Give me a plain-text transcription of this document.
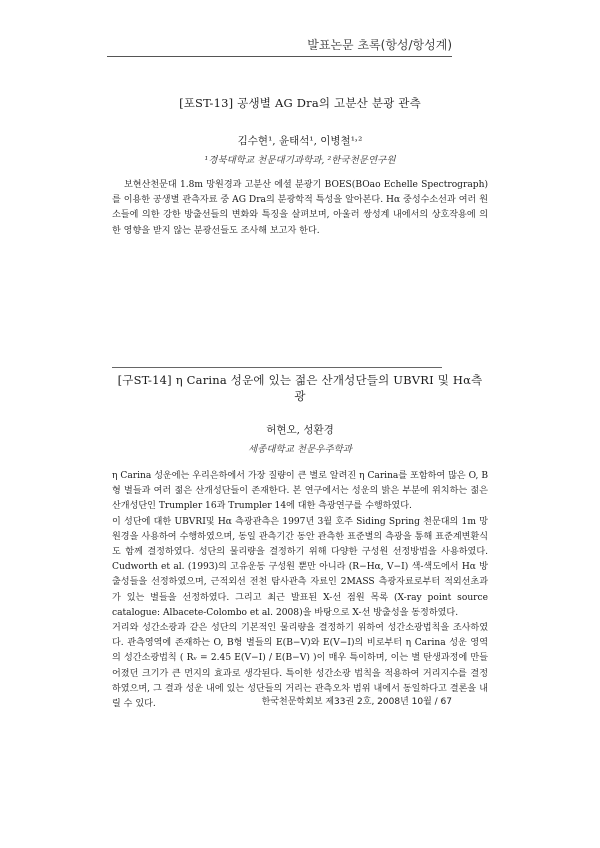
발표논문 초록(항성/항성계)
[포ST-13] 공생별 AG Dra의 고분산 분광 관측
김수현¹, 윤태석¹, 이병철¹˒²
¹경북대학교 천문대기과학과, ²한국천문연구원

보현산천문대 1.8m 망원경과 고분산 에셜 분광기 BOES(BOao Echelle Spectrograph)를 이용한 공생별 관측자료 중 AG Dra의 분광학적 특성을 알아본다. Hα 중성수소선과 여러 원소들에 의한 강한 방출선들의 변화와 특징을 살펴보며, 아울러 쌍성계 내에서의 상호작용에 의한 영향을 받지 않는 분광선들도 조사해 보고자 한다.

[구ST-14] η Carina 성운에 있는 젊은 산개성단들의 UBVRI 및 Hα측광
허현오, 성환경
세종대학교 천문우주학과

η Carina 성운에는 우리은하에서 가장 질량이 큰 별로 알려진 η Carina를 포함하여 많은 O, B형 별들과 여러 젊은 산개성단들이 존재한다. 본 연구에서는 성운의 밝은 부분에 위치하는 젊은 산개성단인 Trumpler 16과 Trumpler 14에 대한 측광연구를 수행하였다.

이 성단에 대한 UBVRI및 Hα 측광관측은 1997년 3월 호주 Siding Spring 천문대의 1m 망원경을 사용하여 수행하였으며, 동일 관측기간 동안 관측한 표준별의 측광을 통해 표준계변환식도 함께 결정하였다. 성단의 물리량을 결정하기 위해 다양한 구성원 선정방법을 사용하였다. Cudworth et al. (1993)의 고유운동 구성원 뿐만 아니라 (R−Hα, V−I) 색-색도에서 Hα 방출성들을 선정하였으며, 근적외선 전천 탐사관측 자료인 2MASS 측광자료로부터 적외선초과가 있는 별들을 선정하였다. 그리고 최근 발표된 X-선 점원 목록 (X-ray point source catalogue: Albacete-Colombo et al. 2008)을 바탕으로 X-선 방출성을 동정하였다.

거리와 성간소광과 같은 성단의 기본적인 물리량을 결정하기 위하여 성간소광법칙을 조사하였다. 관측영역에 존재하는 O, B형 별들의 E(B−V)와 E(V−I)의 비로부터 η Carina 성운 영역의 성간소광법칙 ( Rᵥ = 2.45 E(V−I) / E(B−V) )이 매우 특이하며, 이는 별 탄생과정에 만들어졌던 크기가 큰 먼지의 효과로 생각된다. 특이한 성간소광 법칙을 적용하여 거리지수를 결정하였으며, 그 결과 성운 내에 있는 성단들의 거리는 관측오차 범위 내에서 동일하다고 결론을 내릴 수 있다.	한국천문학회보 제33권 2호, 2008년 10월 / 67
